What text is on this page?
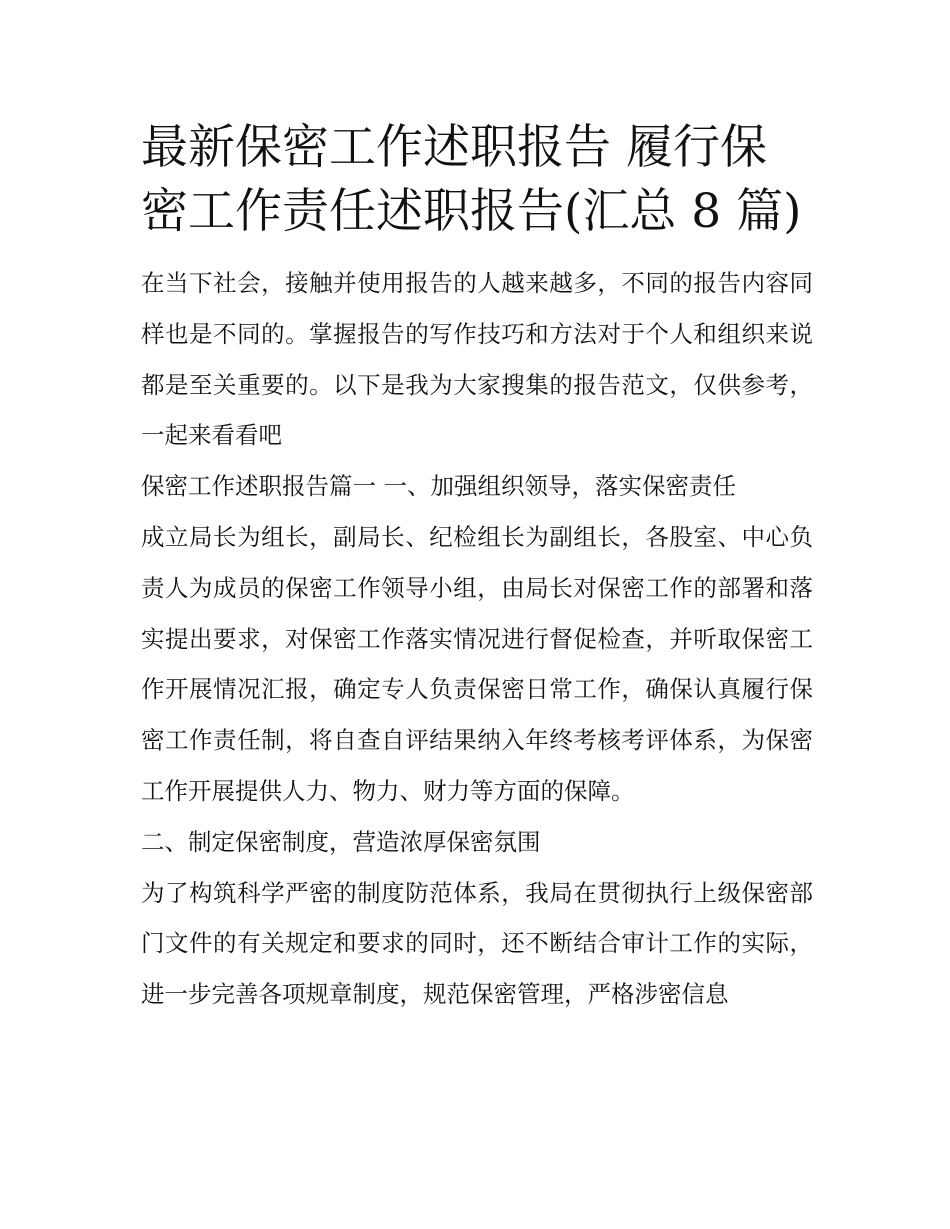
最新保密工作述职报告 履行保密工作责任述职报告(汇总 8 篇)

在当下社会，接触并使用报告的人越来越多，不同的报告内容同样也是不同的。掌握报告的写作技巧和方法对于个人和组织来说都是至关重要的。以下是我为大家搜集的报告范文，仅供参考，一起来看看吧

保密工作述职报告篇一 一、加强组织领导，落实保密责任

成立局长为组长，副局长、纪检组长为副组长，各股室、中心负责人为成员的保密工作领导小组，由局长对保密工作的部署和落实提出要求，对保密工作落实情况进行督促检查，并听取保密工作开展情况汇报，确定专人负责保密日常工作，确保认真履行保密工作责任制，将自查自评结果纳入年终考核考评体系，为保密工作开展提供人力、物力、财力等方面的保障。

二、制定保密制度，营造浓厚保密氛围

为了构筑科学严密的制度防范体系，我局在贯彻执行上级保密部门文件的有关规定和要求的同时，还不断结合审计工作的实际，进一步完善各项规章制度，规范保密管理，严格涉密信息
